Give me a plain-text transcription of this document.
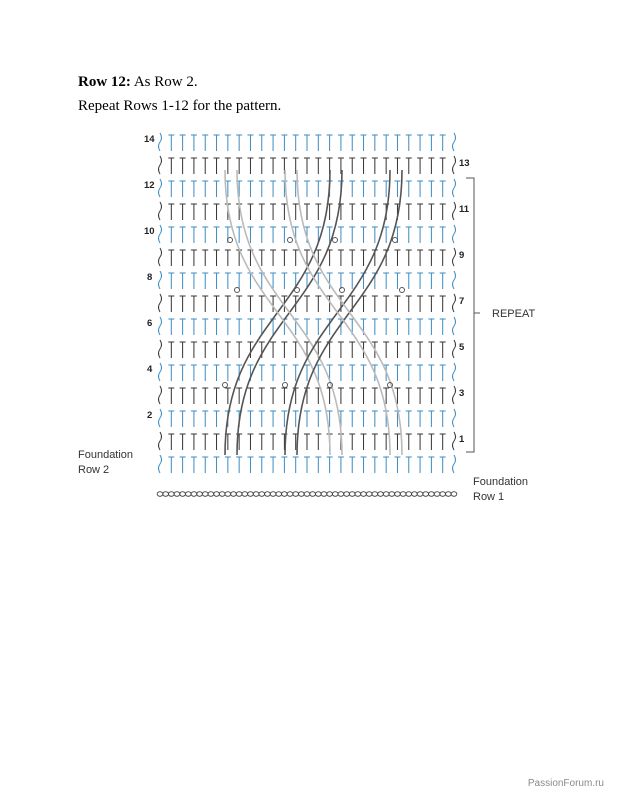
Row 12: As Row 2.
Repeat Rows 1-12 for the pattern.
14
12
10
8
6
4
2
13
11
9
7
5
3
1
REPEAT
Foundation
Row 2
Foundation
Row 1
PassionForum.ru
